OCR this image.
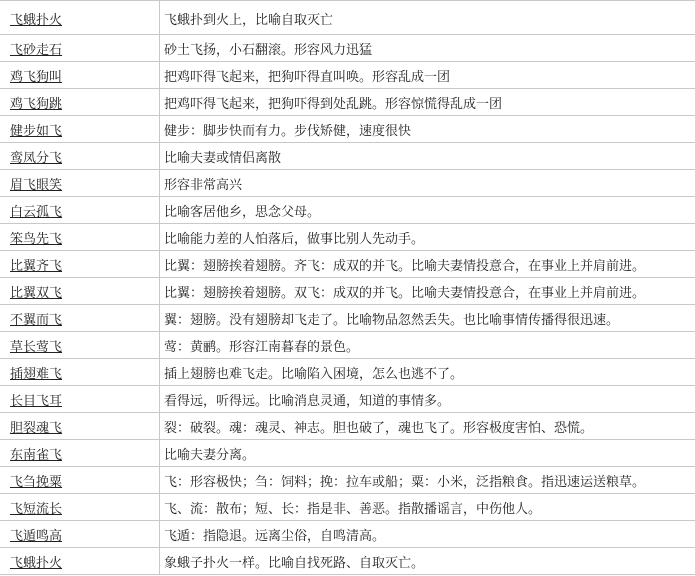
飞蛾扑火	飞蛾扑到火上，比喻自取灭亡
飞砂走石	砂土飞扬，小石翻滚。形容风力迅猛
鸡飞狗叫	把鸡吓得飞起来，把狗吓得直叫唤。形容乱成一团
鸡飞狗跳	把鸡吓得飞起来，把狗吓得到处乱跳。形容惊慌得乱成一团
健步如飞	健步：脚步快而有力。步伐矫健，速度很快
鸾凤分飞	比喻夫妻或情侣离散
眉飞眼笑	形容非常高兴
白云孤飞	比喻客居他乡，思念父母。
笨鸟先飞	比喻能力差的人怕落后，做事比别人先动手。
比翼齐飞	比翼：翅膀挨着翅膀。齐飞：成双的并飞。比喻夫妻情投意合，在事业上并肩前进。
比翼双飞	比翼：翅膀挨着翅膀。双飞：成双的并飞。比喻夫妻情投意合，在事业上并肩前进。
不翼而飞	翼：翅膀。没有翅膀却飞走了。比喻物品忽然丢失。也比喻事情传播得很迅速。
草长莺飞	莺：黄鹂。形容江南暮春的景色。
插翅难飞	插上翅膀也难飞走。比喻陷入困境，怎么也逃不了。
长目飞耳	看得远，听得远。比喻消息灵通，知道的事情多。
胆裂魂飞	裂：破裂。魂：魂灵、神志。胆也破了，魂也飞了。形容极度害怕、恐慌。
东南雀飞	比喻夫妻分离。
飞刍挽粟	飞：形容极快；刍：饲料；挽：拉车或船；粟：小米，泛指粮食。指迅速运送粮草。
飞短流长	飞、流：散布；短、长：指是非、善恶。指散播谣言，中伤他人。
飞遁鸣高	飞遁：指隐退。远离尘俗，自鸣清高。
飞蛾扑火	象蛾子扑火一样。比喻自找死路、自取灭亡。
